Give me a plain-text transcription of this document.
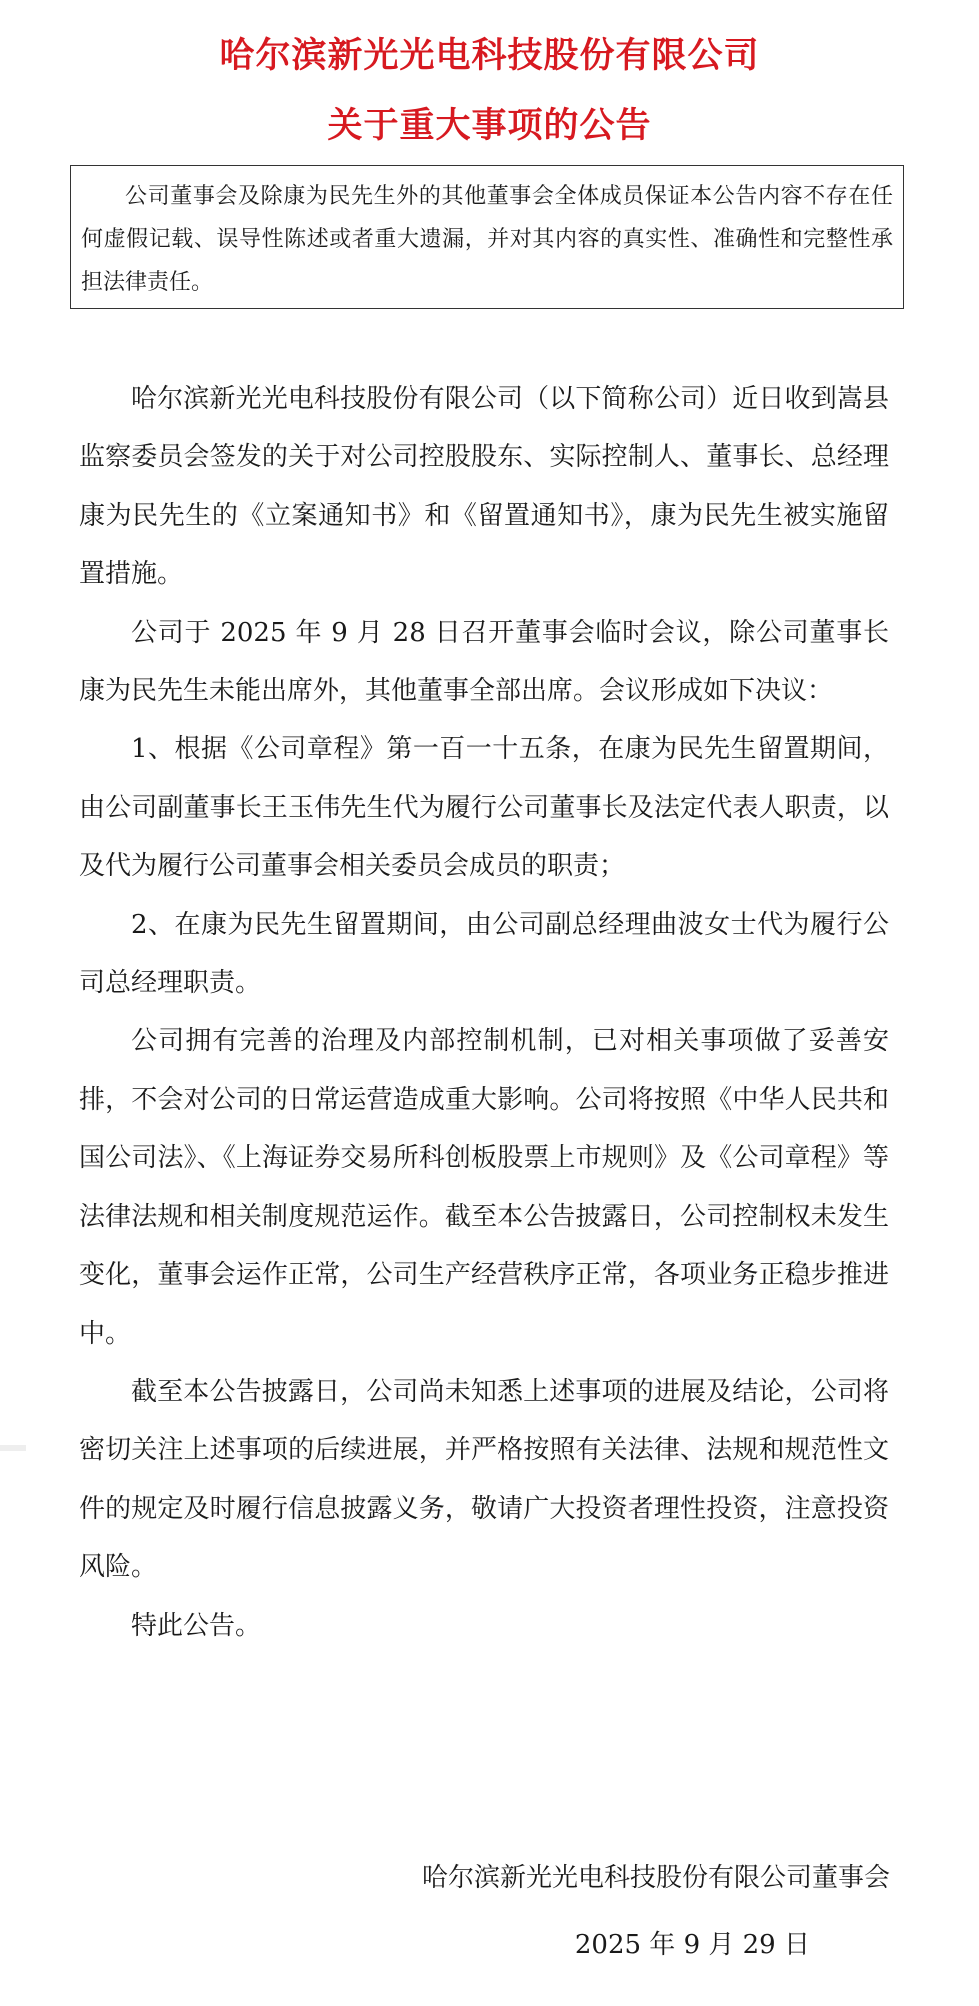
哈尔滨新光光电科技股份有限公司
关于重大事项的公告

公司董事会及除康为民先生外的其他董事会全体成员保证本公告内容不存在任何虚假记载、误导性陈述或者重大遗漏，并对其内容的真实性、准确性和完整性承担法律责任。

哈尔滨新光光电科技股份有限公司（以下简称公司）近日收到嵩县监察委员会签发的关于对公司控股股东、实际控制人、董事长、总经理康为民先生的《立案通知书》和《留置通知书》，康为民先生被实施留置措施。

公司于 2025 年 9 月 28 日召开董事会临时会议，除公司董事长康为民先生未能出席外，其他董事全部出席。会议形成如下决议：

1、根据《公司章程》第一百一十五条，在康为民先生留置期间，由公司副董事长王玉伟先生代为履行公司董事长及法定代表人职责，以及代为履行公司董事会相关委员会成员的职责；

2、在康为民先生留置期间，由公司副总经理曲波女士代为履行公司总经理职责。

公司拥有完善的治理及内部控制机制，已对相关事项做了妥善安排，不会对公司的日常运营造成重大影响。公司将按照《中华人民共和国公司法》、《上海证券交易所科创板股票上市规则》及《公司章程》等法律法规和相关制度规范运作。截至本公告披露日，公司控制权未发生变化，董事会运作正常，公司生产经营秩序正常，各项业务正稳步推进中。

截至本公告披露日，公司尚未知悉上述事项的进展及结论，公司将密切关注上述事项的后续进展，并严格按照有关法律、法规和规范性文件的规定及时履行信息披露义务，敬请广大投资者理性投资，注意投资风险。

特此公告。

哈尔滨新光光电科技股份有限公司董事会
2025 年 9 月 29 日
